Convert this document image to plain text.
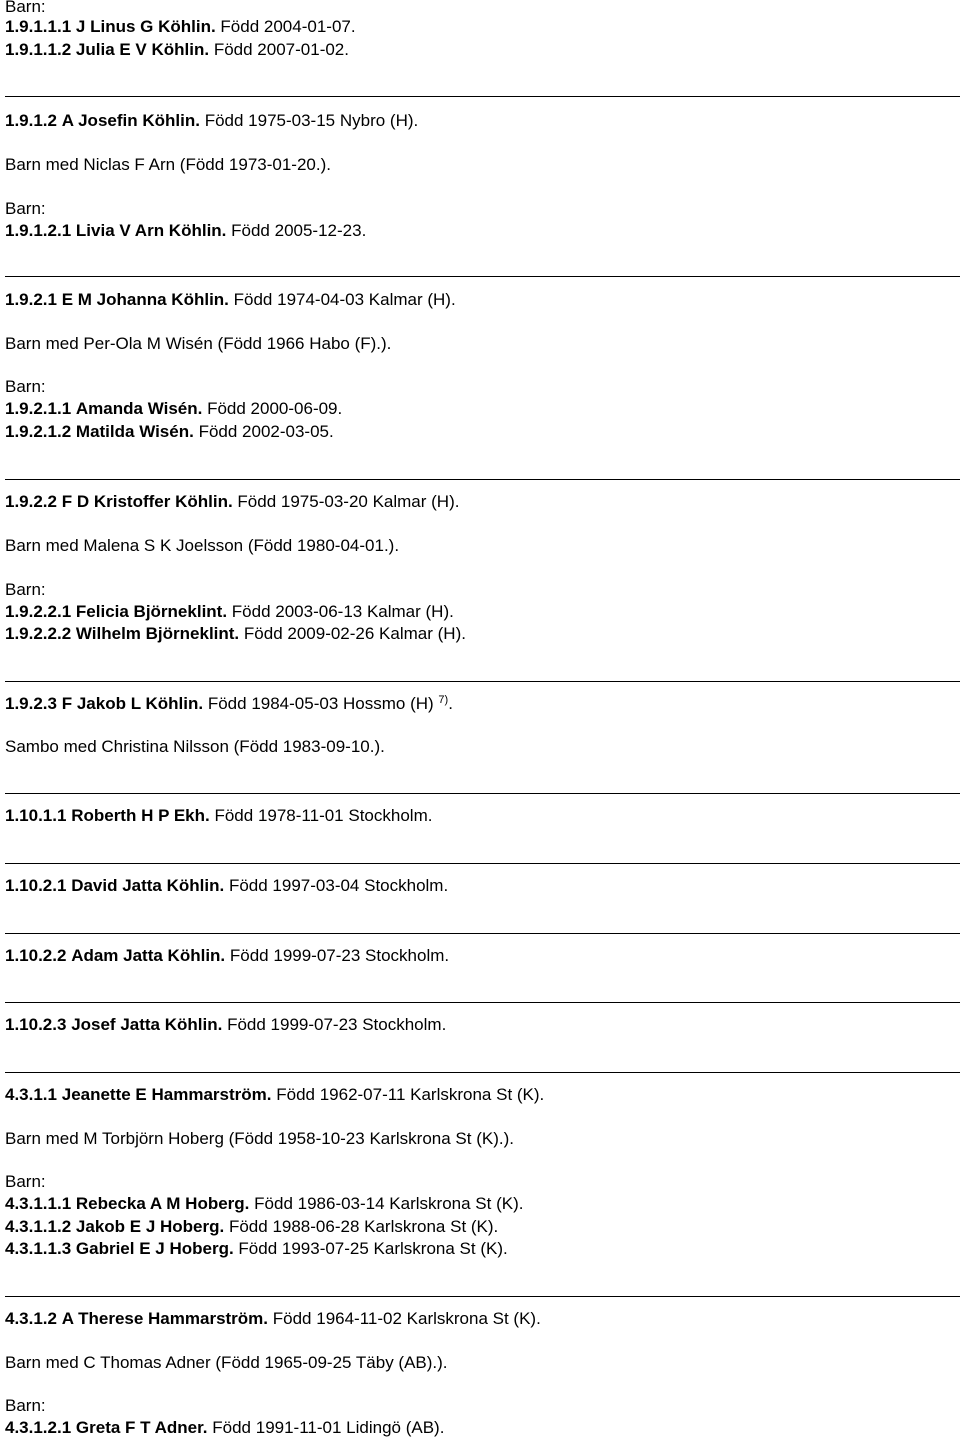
Barn:
1.9.1.1.1 J Linus G Köhlin. Född 2004-01-07.
1.9.1.1.2 Julia E V Köhlin. Född 2007-01-02.
1.9.1.2 A Josefin Köhlin. Född 1975-03-15 Nybro (H).
Barn med Niclas F Arn (Född 1973-01-20.).
Barn:
1.9.1.2.1 Livia V Arn Köhlin. Född 2005-12-23.
1.9.2.1 E M Johanna Köhlin. Född 1974-04-03 Kalmar (H).
Barn med Per-Ola M Wisén (Född 1966 Habo (F).).
Barn:
1.9.2.1.1 Amanda Wisén. Född 2000-06-09.
1.9.2.1.2 Matilda Wisén. Född 2002-03-05.
1.9.2.2 F D Kristoffer Köhlin. Född 1975-03-20 Kalmar (H).
Barn med Malena S K Joelsson (Född 1980-04-01.).
Barn:
1.9.2.2.1 Felicia Björneklint. Född 2003-06-13 Kalmar (H).
1.9.2.2.2 Wilhelm Björneklint. Född 2009-02-26 Kalmar (H).
1.9.2.3 F Jakob L Köhlin. Född 1984-05-03 Hossmo (H) $^{7)}$.
Sambo med Christina Nilsson (Född 1983-09-10.).
1.10.1.1 Roberth H P Ekh. Född 1978-11-01 Stockholm.
1.10.2.1 David Jatta Köhlin. Född 1997-03-04 Stockholm.
1.10.2.2 Adam Jatta Köhlin. Född 1999-07-23 Stockholm.
1.10.2.3 Josef Jatta Köhlin. Född 1999-07-23 Stockholm.
4.3.1.1 Jeanette E Hammarström. Född 1962-07-11 Karlskrona St (K).
Barn med M Torbjörn Hoberg (Född 1958-10-23 Karlskrona St (K).).
Barn:
4.3.1.1.1 Rebecka A M Hoberg. Född 1986-03-14 Karlskrona St (K).
4.3.1.1.2 Jakob E J Hoberg. Född 1988-06-28 Karlskrona St (K).
4.3.1.1.3 Gabriel E J Hoberg. Född 1993-07-25 Karlskrona St (K).
4.3.1.2 A Therese Hammarström. Född 1964-11-02 Karlskrona St (K).
Barn med C Thomas Adner (Född 1965-09-25 Täby (AB).).
Barn:
4.3.1.2.1 Greta F T Adner. Född 1991-11-01 Lidingö (AB).
